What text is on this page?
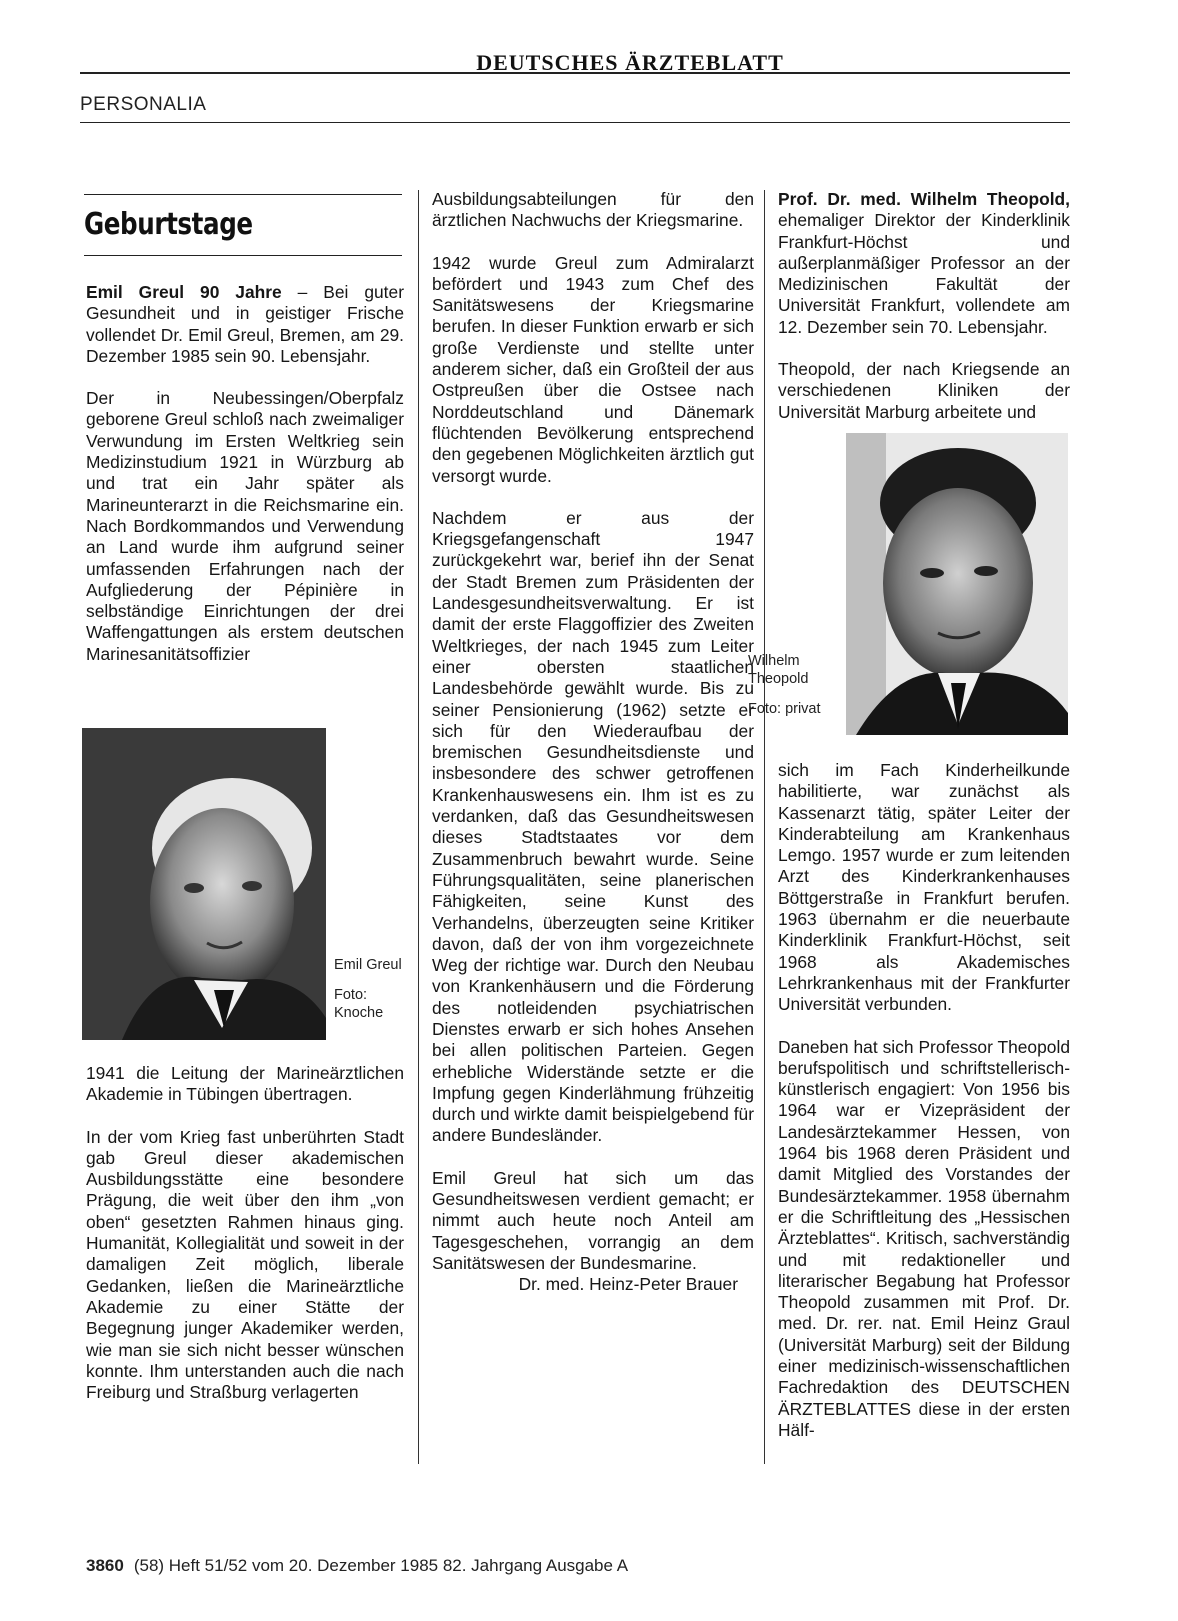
DEUTSCHES ÄRZTEBLATT
PERSONALIA
Geburtstage

Emil Greul 90 Jahre – Bei guter Gesundheit und in geistiger Frische vollendet Dr. Emil Greul, Bremen, am 29. Dezember 1985 sein 90. Lebensjahr.

Der in Neubessingen/Oberpfalz geborene Greul schloß nach zweimaliger Verwundung im Ersten Weltkrieg sein Medizinstudium 1921 in Würzburg ab und trat ein Jahr später als Marineunterarzt in die Reichsmarine ein. Nach Bordkommandos und Verwendung an Land wurde ihm aufgrund seiner umfassenden Erfahrungen nach der Aufgliederung der Pépinière in selbständige Einrichtungen der drei Waffengattungen als erstem deutschen Marinesanitätsoffizier

Emil Greul
Foto: Knoche

1941 die Leitung der Marineärztlichen Akademie in Tübingen übertragen.

In der vom Krieg fast unberührten Stadt gab Greul dieser akademischen Ausbildungsstätte eine besondere Prägung, die weit über den ihm „von oben“ gesetzten Rahmen hinaus ging. Humanität, Kollegialität und soweit in der damaligen Zeit möglich, liberale Gedanken, ließen die Marineärztliche Akademie zu einer Stätte der Begegnung junger Akademiker werden, wie man sie sich nicht besser wünschen konnte. Ihm unterstanden auch die nach Freiburg und Straßburg verlagerten

Ausbildungsabteilungen für den ärztlichen Nachwuchs der Kriegsmarine.

1942 wurde Greul zum Admiralarzt befördert und 1943 zum Chef des Sanitätswesens der Kriegsmarine berufen. In dieser Funktion erwarb er sich große Verdienste und stellte unter anderem sicher, daß ein Großteil der aus Ostpreußen über die Ostsee nach Norddeutschland und Dänemark flüchtenden Bevölkerung entsprechend den gegebenen Möglichkeiten ärztlich gut versorgt wurde.

Nachdem er aus der Kriegsgefangenschaft 1947 zurückgekehrt war, berief ihn der Senat der Stadt Bremen zum Präsidenten der Landesgesundheitsverwaltung. Er ist damit der erste Flaggoffizier des Zweiten Weltkrieges, der nach 1945 zum Leiter einer obersten staatlichen Landesbehörde gewählt wurde. Bis zu seiner Pensionierung (1962) setzte er sich für den Wiederaufbau der bremischen Gesundheitsdienste und insbesondere des schwer getroffenen Krankenhauswesens ein. Ihm ist es zu verdanken, daß das Gesundheitswesen dieses Stadtstaates vor dem Zusammenbruch bewahrt wurde. Seine Führungsqualitäten, seine planerischen Fähigkeiten, seine Kunst des Verhandelns, überzeugten seine Kritiker davon, daß der von ihm vorgezeichnete Weg der richtige war. Durch den Neubau von Krankenhäusern und die Förderung des notleidenden psychiatrischen Dienstes erwarb er sich hohes Ansehen bei allen politischen Parteien. Gegen erhebliche Widerstände setzte er die Impfung gegen Kinderlähmung frühzeitig durch und wirkte damit beispielgebend für andere Bundesländer.

Emil Greul hat sich um das Gesundheitswesen verdient gemacht; er nimmt auch heute noch Anteil am Tagesgeschehen, vorrangig an dem Sanitätswesen der Bundesmarine.

Dr. med. Heinz-Peter Brauer

Prof. Dr. med. Wilhelm Theopold, ehemaliger Direktor der Kinderklinik Frankfurt-Höchst und außerplanmäßiger Professor an der Medizinischen Fakultät der Universität Frankfurt, vollendete am 12. Dezember sein 70. Lebensjahr.

Theopold, der nach Kriegsende an verschiedenen Kliniken der Universität Marburg arbeitete und

Wilhelm Theopold
Foto: privat

sich im Fach Kinderheilkunde habilitierte, war zunächst als Kassenarzt tätig, später Leiter der Kinderabteilung am Krankenhaus Lemgo. 1957 wurde er zum leitenden Arzt des Kinderkrankenhauses Böttgerstraße in Frankfurt berufen. 1963 übernahm er die neuerbaute Kinderklinik Frankfurt-Höchst, seit 1968 als Akademisches Lehrkrankenhaus mit der Frankfurter Universität verbunden.

Daneben hat sich Professor Theopold berufspolitisch und schriftstellerisch-künstlerisch engagiert: Von 1956 bis 1964 war er Vizepräsident der Landesärztekammer Hessen, von 1964 bis 1968 deren Präsident und damit Mitglied des Vorstandes der Bundesärztekammer. 1958 übernahm er die Schriftleitung des „Hessischen Ärzteblattes“. Kritisch, sachverständig und mit redaktioneller und literarischer Begabung hat Professor Theopold zusammen mit Prof. Dr. med. Dr. rer. nat. Emil Heinz Graul (Universität Marburg) seit der Bildung einer medizinisch-wissenschaftlichen Fachredaktion des DEUTSCHEN ÄRZTEBLATTES diese in der ersten Hälf-

3860 (58) Heft 51/52 vom 20. Dezember 1985 82. Jahrgang Ausgabe A
